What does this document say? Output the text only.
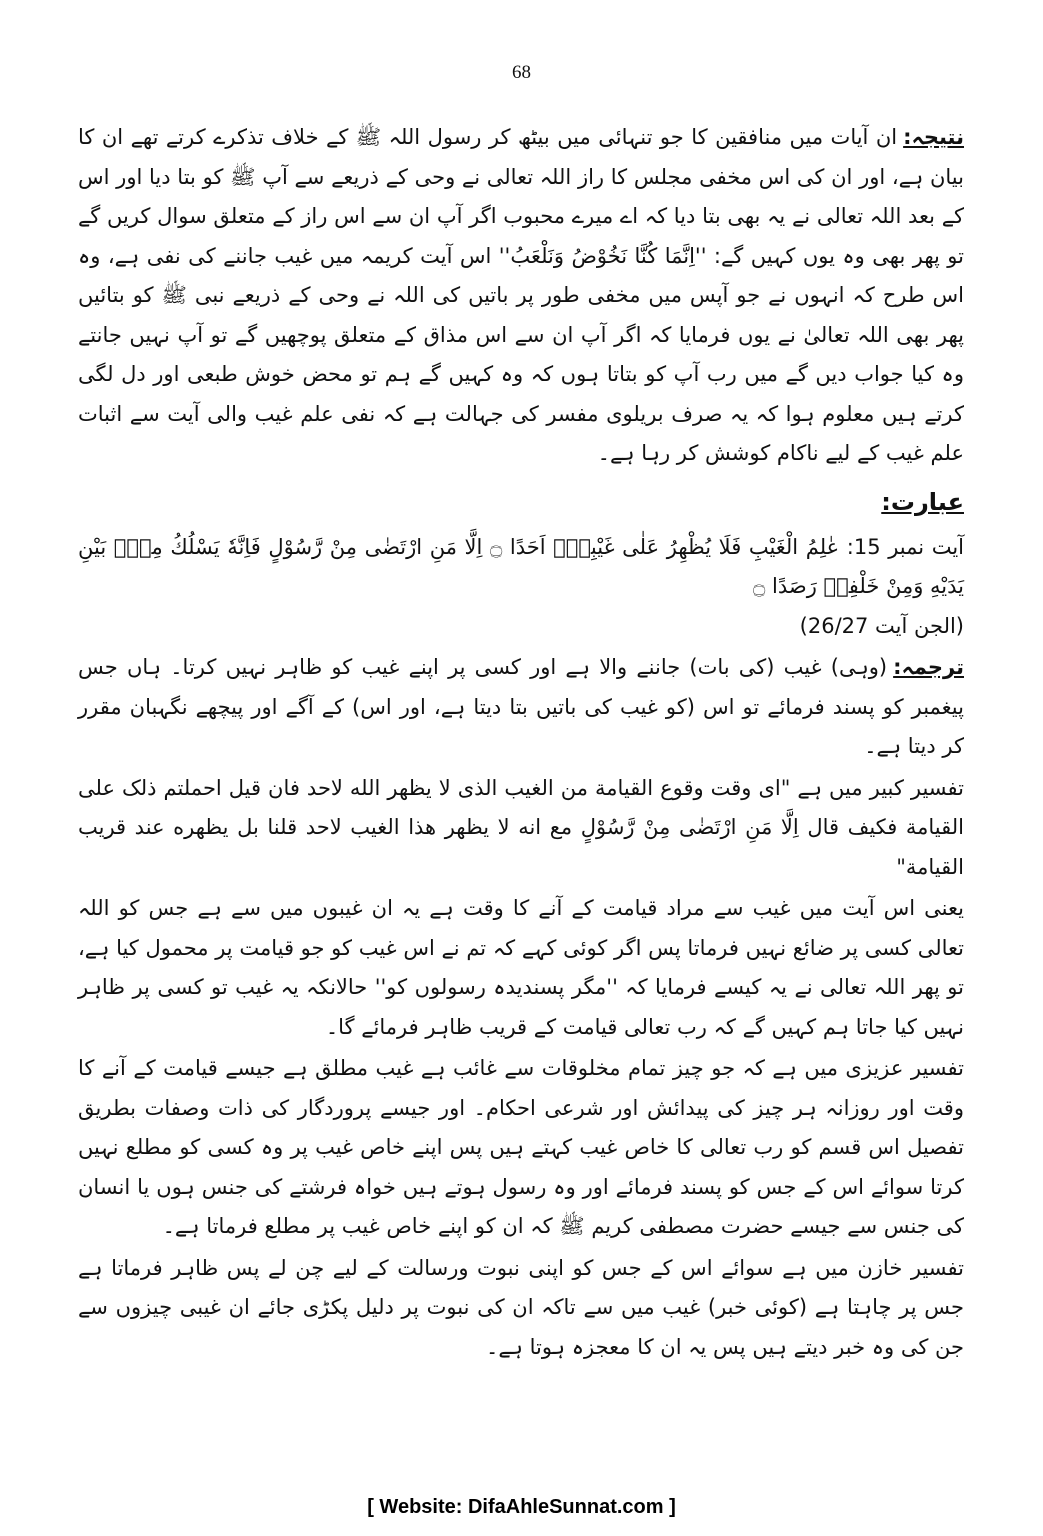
68

نتیجہ:ان آیات میں منافقین کا جو تنہائی میں بیٹھ کر رسول اللہ ﷺ کے خلاف تذکرے کرتے تھے ان کا بیان ہے، اور ان کی اس مخفی مجلس کا راز اللہ تعالی نے وحی کے ذریعے سے آپ ﷺ کو بتا دیا اور اس کے بعد اللہ تعالی نے یہ بھی بتا دیا کہ اے میرے محبوب اگر آپ ان سے اس راز کے متعلق سوال کریں گے تو پھر بھی وہ یوں کہیں گے: ''اِنَّمَا كُنَّا نَخُوْضُ وَنَلْعَبُ'' اس آیت کریمہ میں غیب جاننے کی نفی ہے، وہ اس طرح کہ انہوں نے جو آپس میں مخفی طور پر باتیں کی اللہ نے وحی کے ذریعے نبی ﷺ کو بتائیں پھر بھی اللہ تعالیٰ نے یوں فرمایا کہ اگر آپ ان سے اس مذاق کے متعلق پوچھیں گے تو آپ نہیں جانتے وہ کیا جواب دیں گے میں رب آپ کو بتاتا ہوں کہ وہ کہیں گے ہم تو محض خوش طبعی اور دل لگی کرتے ہیں معلوم ہوا کہ یہ صرف بریلوی مفسر کی جہالت ہے کہ نفی علم غیب والی آیت سے اثبات علم غیب کے لیے ناکام کوشش کر رہا ہے۔

عبارت:

آیت نمبر 15: عٰلِمُ الْغَيْبِ فَلَا يُظْهِرُ عَلٰى غَيْبِهٖٓ اَحَدًا ۝ اِلَّا مَنِ ارْتَضٰى مِنْ رَّسُوْلٍ فَاِنَّهٗ يَسْلُكُ مِنْۢ بَيْنِ يَدَيْهِ وَمِنْ خَلْفِهٖ رَصَدًا ۝
(الجن آیت 26/27)

ترجمہ:(وہی) غیب (کی بات) جاننے والا ہے اور کسی پر اپنے غیب کو ظاہر نہیں کرتا۔ ہاں جس پیغمبر کو پسند فرمائے تو اس (کو غیب کی باتیں بتا دیتا ہے، اور اس) کے آگے اور پیچھے نگہبان مقرر کر دیتا ہے۔

تفسیر کبیر میں ہے "ای وقت وقوع القیامة من الغیب الذی لا یظهر الله لاحد فان قیل احملتم ذلک علی القیامة فکیف قال اِلَّا مَنِ ارْتَضٰى مِنْ رَّسُوْلٍ مع انه لا یظهر هذا الغیب لاحد قلنا بل یظهره عند قریب القیامة"

یعنی اس آیت میں غیب سے مراد قیامت کے آنے کا وقت ہے یہ ان غیبوں میں سے ہے جس کو اللہ تعالی کسی پر ضائع نہیں فرماتا پس اگر کوئی کہے کہ تم نے اس غیب کو جو قیامت پر محمول کیا ہے، تو پھر اللہ تعالی نے یہ کیسے فرمایا کہ ''مگر پسندیدہ رسولوں کو'' حالانکہ یہ غیب تو کسی پر ظاہر نہیں کیا جاتا ہم کہیں گے کہ رب تعالی قیامت کے قریب ظاہر فرمائے گا۔

تفسیر عزیزی میں ہے کہ جو چیز تمام مخلوقات سے غائب ہے غیب مطلق ہے جیسے قیامت کے آنے کا وقت اور روزانہ ہر چیز کی پیدائش اور شرعی احکام۔ اور جیسے پروردگار کی ذات وصفات بطریق تفصیل اس قسم کو رب تعالی کا خاص غیب کہتے ہیں پس اپنے خاص غیب پر وہ کسی کو مطلع نہیں کرتا سوائے اس کے جس کو پسند فرمائے اور وہ رسول ہوتے ہیں خواہ فرشتے کی جنس ہوں یا انسان کی جنس سے جیسے حضرت مصطفی کریم ﷺ کہ ان کو اپنے خاص غیب پر مطلع فرماتا ہے۔

تفسیر خازن میں ہے سوائے اس کے جس کو اپنی نبوت ورسالت کے لیے چن لے پس ظاہر فرماتا ہے جس پر چاہتا ہے (کوئی خبر) غیب میں سے تاکہ ان کی نبوت پر دلیل پکڑی جائے ان غیبی چیزوں سے جن کی وہ خبر دیتے ہیں پس یہ ان کا معجزہ ہوتا ہے۔

[ Website: DifaAhleSunnat.com ]
